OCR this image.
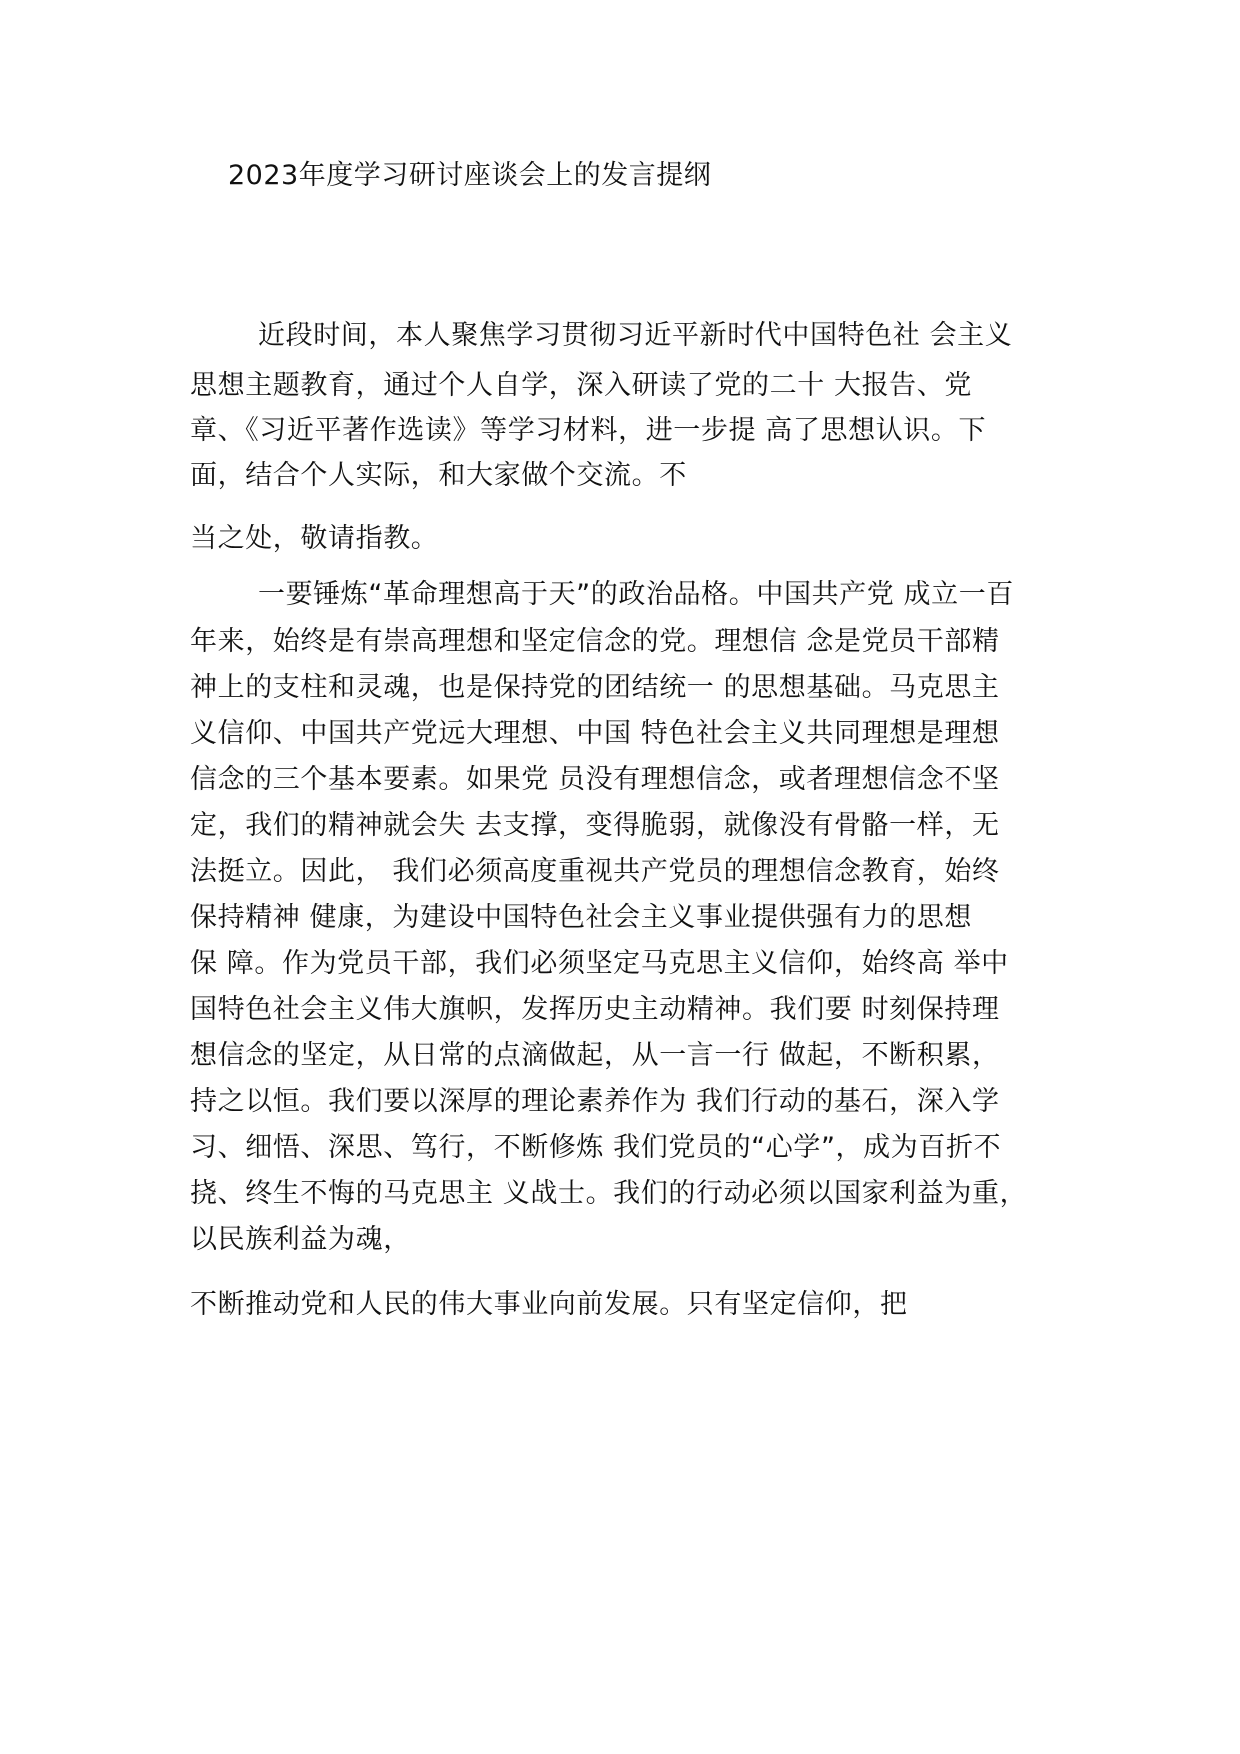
2023年度学习研讨座谈会上的发言提纲
近段时间，本人聚焦学习贯彻习近平新时代中国特色社 会主义
思想主题教育，通过个人自学，深入研读了党的二十 大报告、党
章、《习近平著作选读》等学习材料，进一步提 高了思想认识。下
面，结合个人实际，和大家做个交流。不
当之处，敬请指教。
一要锤炼“革命理想高于天”的政治品格。中国共产党 成立一百
年来，始终是有崇高理想和坚定信念的党。理想信 念是党员干部精
神上的支柱和灵魂，也是保持党的团结统一 的思想基础。马克思主
义信仰、中国共产党远大理想、中国 特色社会主义共同理想是理想
信念的三个基本要素。如果党 员没有理想信念，或者理想信念不坚
定，我们的精神就会失 去支撑，变得脆弱，就像没有骨骼一样，无
法挺立。因此， 我们必须高度重视共产党员的理想信念教育，始终
保持精神 健康，为建设中国特色社会主义事业提供强有力的思想
保 障。作为党员干部，我们必须坚定马克思主义信仰，始终高 举中
国特色社会主义伟大旗帜，发挥历史主动精神。我们要 时刻保持理
想信念的坚定，从日常的点滴做起，从一言一行 做起，不断积累，
持之以恒。我们要以深厚的理论素养作为 我们行动的基石，深入学
习、细悟、深思、笃行，不断修炼 我们党员的“心学”，成为百折不
挠、终生不悔的马克思主 义战士。我们的行动必须以国家利益为重，
以民族利益为魂，
不断推动党和人民的伟大事业向前发展。只有坚定信仰，把
